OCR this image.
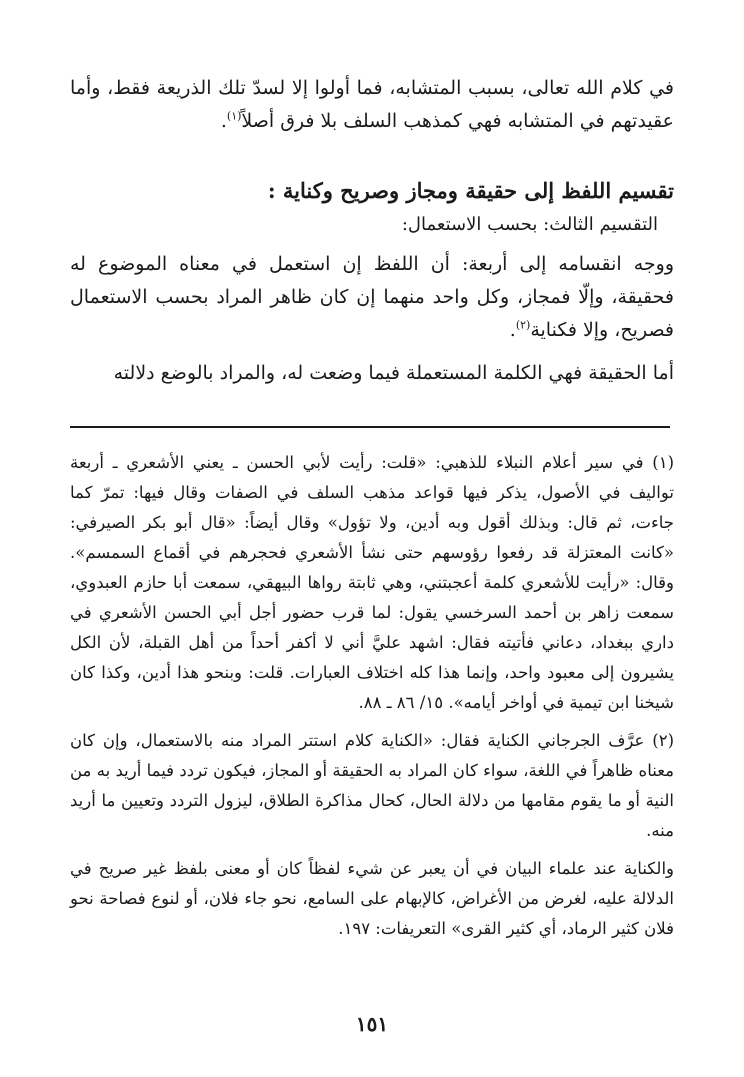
في كلام الله تعالى، بسبب المتشابه، فما أولوا إلا لسدّ تلك الذريعة فقط، وأما عقيدتهم في المتشابه فهي كمذهب السلف بلا فرق أصلاً$^{(١)}$.

تقسيم اللفظ إلى حقيقة ومجاز وصريح وكناية :
التقسيم الثالث: بحسب الاستعمال:

ووجه انقسامه إلى أربعة: أن اللفظ إن استعمل في معناه الموضوع له فحقيقة، وإلّا فمجاز، وكل واحد منهما إن كان ظاهر المراد بحسب الاستعمال فصريح، وإلا فكناية$^{(٢)}$.

أما الحقيقة فهي الكلمة المستعملة فيما وضعت له، والمراد بالوضع دلالته

(١) في سير أعلام النبلاء للذهبي: «قلت: رأيت لأبي الحسن ـ يعني الأشعري ـ أربعة تواليف في الأصول، يذكر فيها قواعد مذهب السلف في الصفات وقال فيها: تمرّ كما جاءت، ثم قال: وبذلك أقول وبه أدين، ولا تؤول» وقال أيضاً: «قال أبو بكر الصيرفي: «كانت المعتزلة قد رفعوا رؤوسهم حتى نشأ الأشعري فحجرهم في أقماع السمسم». وقال: «رأيت للأشعري كلمة أعجبتني، وهي ثابتة رواها البيهقي، سمعت أبا حازم العبدوي، سمعت زاهر بن أحمد السرخسي يقول: لما قرب حضور أجل أبي الحسن الأشعري في داري ببغداد، دعاني فأتيته فقال: اشهد عليَّ أني لا أكفر أحداً من أهل القبلة، لأن الكل يشيرون إلى معبود واحد، وإنما هذا كله اختلاف العبارات. قلت: وبنحو هذا أدين، وكذا كان شيخنا ابن تيمية في أواخر أيامه». ١٥/ ٨٦ ـ ٨٨.

(٢) عرَّف الجرجاني الكناية فقال: «الكناية كلام استتر المراد منه بالاستعمال، وإن كان معناه ظاهراً في اللغة، سواء كان المراد به الحقيقة أو المجاز، فيكون تردد فيما أريد به من النية أو ما يقوم مقامها من دلالة الحال، كحال مذاكرة الطلاق، ليزول التردد وتعيين ما أريد منه.

والكناية عند علماء البيان في أن يعبر عن شيء لفظاً كان أو معنى بلفظ غير صريح في الدلالة عليه، لغرض من الأغراض، كالإبهام على السامع، نحو جاء فلان، أو لنوع فصاحة نحو فلان كثير الرماد، أي كثير القرى» التعريفات: ١٩٧.

١٥١
